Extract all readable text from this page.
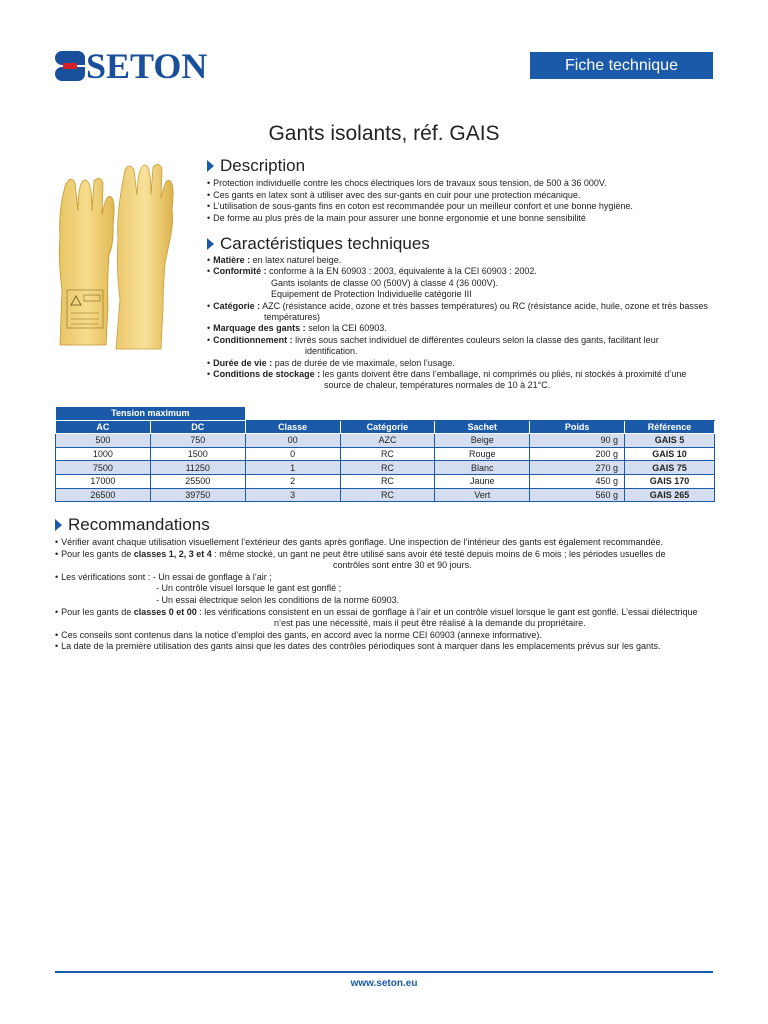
SETON	Fiche technique
Gants isolants, réf. GAIS
Description
• Protection individuelle contre les chocs électriques lors de travaux sous tension, de 500 à 36 000V.
• Ces gants en latex sont à utiliser avec des sur-gants en cuir pour une protection mécanique.
• L’utilisation de sous-gants fins en coton est recommandée pour un meilleur confort et une bonne hygiène.
• De forme au plus près de la main pour assurer une bonne ergonomie et une bonne sensibilité
Caractéristiques techniques
• Matière : en latex naturel beige.
• Conformité : conforme à la EN 60903 : 2003, équivalente à la CEI 60903 : 2002.
Gants isolants de classe 00 (500V) à classe 4 (36 000V).
Equipement de Protection Individuelle catégorie III
• Catégorie : AZC (résistance acide, ozone et très basses températures) ou RC (résistance acide, huile, ozone et très basses
températures)
• Marquage des gants : selon la CEI 60903.
• Conditionnement : livrés sous sachet individuel de différentes couleurs selon la classe des gants, facilitant leur
identification.
• Durée de vie : pas de durée de vie maximale, selon l’usage.
• Conditions de stockage : les gants doivent être dans l’emballage, ni comprimés ou pliés, ni stockés à proximité d’une
source de chaleur, températures normales de 10 à 21°C.
Tension maximum						
AC	DC	Classe	Catégorie	Sachet	Poids	Référence
500	750	00	AZC	Beige	90 g	GAIS 5
1000	1500	0	RC	Rouge	200 g	GAIS 10
7500	11250	1	RC	Blanc	270 g	GAIS 75
17000	25500	2	RC	Jaune	450 g	GAIS 170
26500	39750	3	RC	Vert	560 g	GAIS 265
Recommandations
• Vérifier avant chaque utilisation visuellement l’extérieur des gants après gonflage. Une inspection de l’intérieur des gants est également recommandée.
• Pour les gants de classes 1, 2, 3 et 4 : même stocké, un gant ne peut être utilisé sans avoir été testé depuis moins de 6 mois ; les périodes usuelles de
contrôles sont entre 30 et 90 jours.
• Les vérifications sont : - Un essai de gonflage à l’air ;
- Un contrôle visuel lorsque le gant est gonflé ;
- Un essai électrique selon les conditions de la norme 60903.
• Pour les gants de classes 0 et 00 : les vérifications consistent en un essai de gonflage à l’air et un contrôle visuel lorsque le gant est gonflé. L’essai diélectrique
n’est pas une nécessité, mais il peut être réalisé à la demande du propriétaire.
• Ces conseils sont contenus dans la notice d’emploi des gants, en accord avec la norme CEI 60903 (annexe informative).
• La date de la première utilisation des gants ainsi que les dates des contrôles périodiques sont à marquer dans les emplacements prévus sur les gants.
www.seton.eu
